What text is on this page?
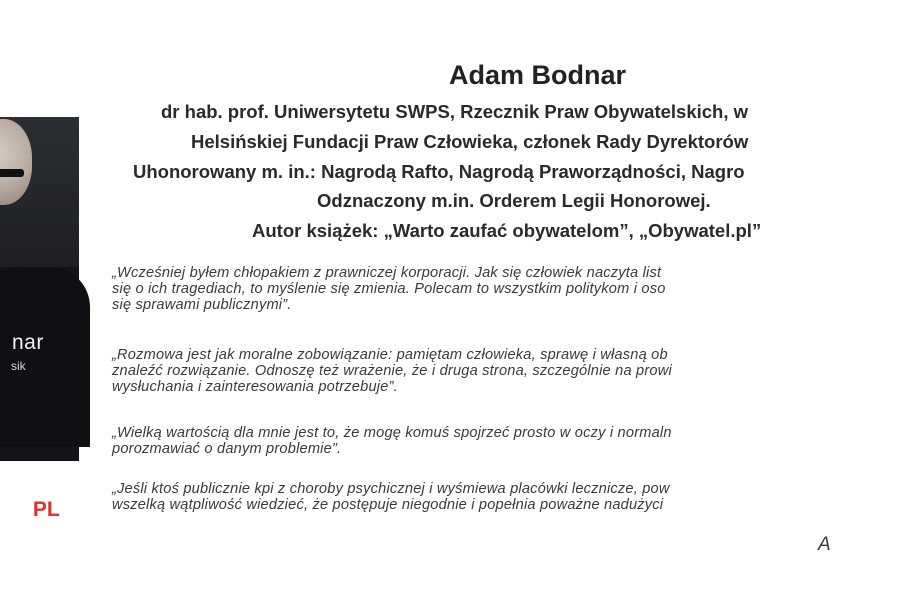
nar
sik
L PL
Adam Bodnar
dr hab. prof. Uniwersytetu SWPS, Rzecznik Praw Obywatelskich, w
Helsińskiej Fundacji Praw Człowieka, członek Rady Dyrektorów
Uhonorowany m. in.: Nagrodą Rafto, Nagrodą Praworządności, Nagro
Odznaczony m.in. Orderem Legii Honorowej.
Autor książek: „Warto zaufać obywatelom”, „Obywatel.pl”
„Wcześniej byłem chłopakiem z prawniczej korporacji. Jak się człowiek naczyta list
się o ich tragediach, to myślenie się zmienia. Polecam to wszystkim politykom i oso
się sprawami publicznymi”.
„Rozmowa jest jak moralne zobowiązanie: pamiętam człowieka, sprawę i własną ob
znaleźć rozwiązanie. Odnoszę też wrażenie, że i druga strona, szczególnie na prowi
wysłuchania i zainteresowania potrzebuje”.
„Wielką wartością dla mnie jest to, że mogę komuś spojrzeć prosto w oczy i normaln
porozmawiać o danym problemie”.
„Jeśli ktoś publicznie kpi z choroby psychicznej i wyśmiewa placówki lecznicze, pow
wszelką wątpliwość wiedzieć, że postępuje niegodnie i popełnia poważne nadużyci
A
